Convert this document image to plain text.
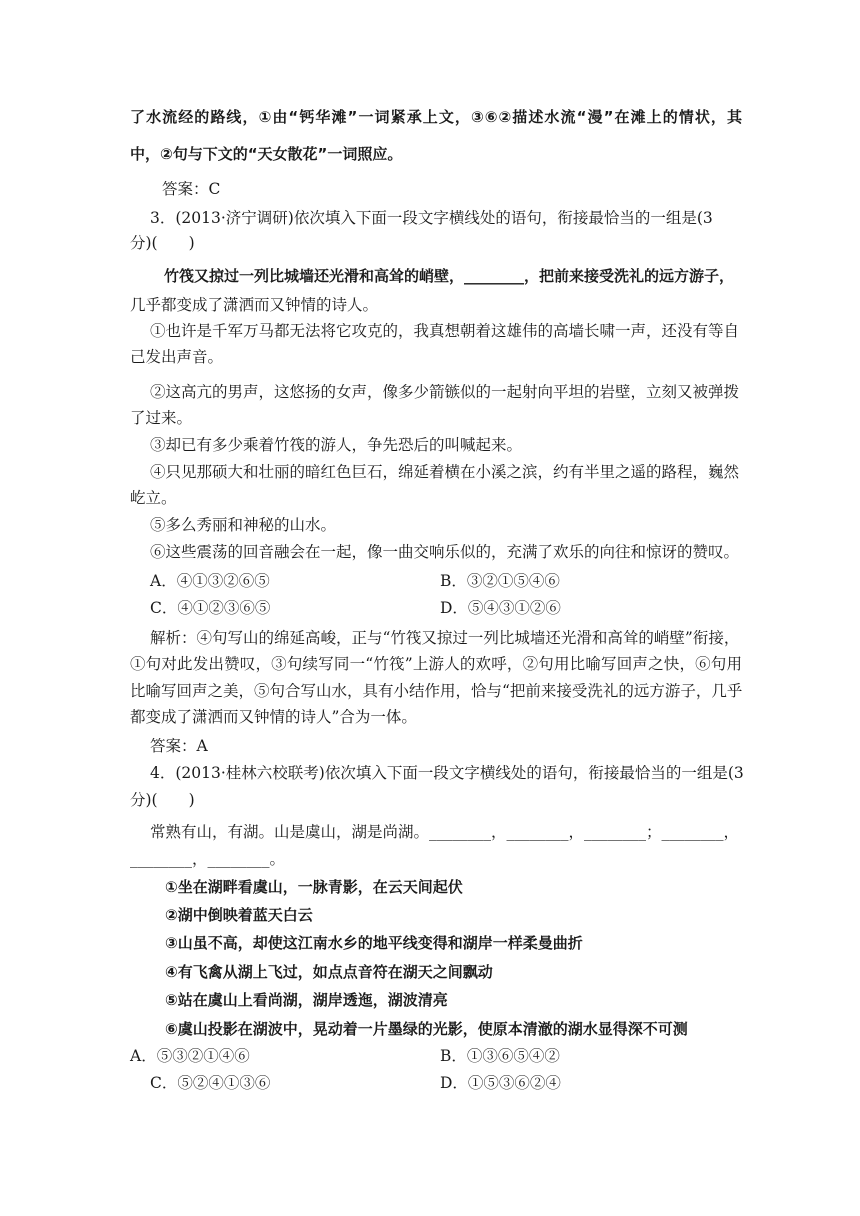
了水流经的路线，①由“钙华滩”一词紧承上文，③⑥②描述水流“漫”在滩上的情状，其
中，②句与下文的“天女散花”一词照应。
答案：C
3．(2013·济宁调研)依次填入下面一段文字横线处的语句，衔接最恰当的一组是(3
分)(　　)
竹筏又掠过一列比城墙还光滑和高耸的峭壁，________，把前来接受洗礼的远方游子，
几乎都变成了潇洒而又钟情的诗人。
①也许是千军万马都无法将它攻克的，我真想朝着这雄伟的高墙长啸一声，还没有等自
己发出声音。
②这高亢的男声，这悠扬的女声，像多少箭镞似的一起射向平坦的岩壁，立刻又被弹拨
了过来。
③却已有多少乘着竹筏的游人，争先恐后的叫喊起来。
④只见那硕大和壮丽的暗红色巨石，绵延着横在小溪之滨，约有半里之遥的路程，巍然
屹立。
⑤多么秀丽和神秘的山水。
⑥这些震荡的回音融会在一起，像一曲交响乐似的，充满了欢乐的向往和惊讶的赞叹。
A．④①③②⑥⑤	B．③②①⑤④⑥
C．④①②③⑥⑤	D．⑤④③①②⑥
解析：④句写山的绵延高峻，正与“竹筏又掠过一列比城墙还光滑和高耸的峭壁”衔接，
①句对此发出赞叹，③句续写同一“竹筏”上游人的欢呼，②句用比喻写回声之快，⑥句用
比喻写回声之美，⑤句合写山水，具有小结作用，恰与“把前来接受洗礼的远方游子，几乎
都变成了潇洒而又钟情的诗人”合为一体。
答案：A
4．(2013·桂林六校联考)依次填入下面一段文字横线处的语句，衔接最恰当的一组是(3
分)(　　)
常熟有山，有湖。山是虞山，湖是尚湖。________，________，________；________，
________，________。
①坐在湖畔看虞山，一脉青影，在云天间起伏
②湖中倒映着蓝天白云
③山虽不高，却使这江南水乡的地平线变得和湖岸一样柔曼曲折
④有飞禽从湖上飞过，如点点音符在湖天之间飘动
⑤站在虞山上看尚湖，湖岸透迤，湖波清亮
⑥虞山投影在湖波中，晃动着一片墨绿的光影，使原本清澈的湖水显得深不可测
A．⑤③②①④⑥	B．①③⑥⑤④②
C．⑤②④①③⑥	D．①⑤③⑥②④
